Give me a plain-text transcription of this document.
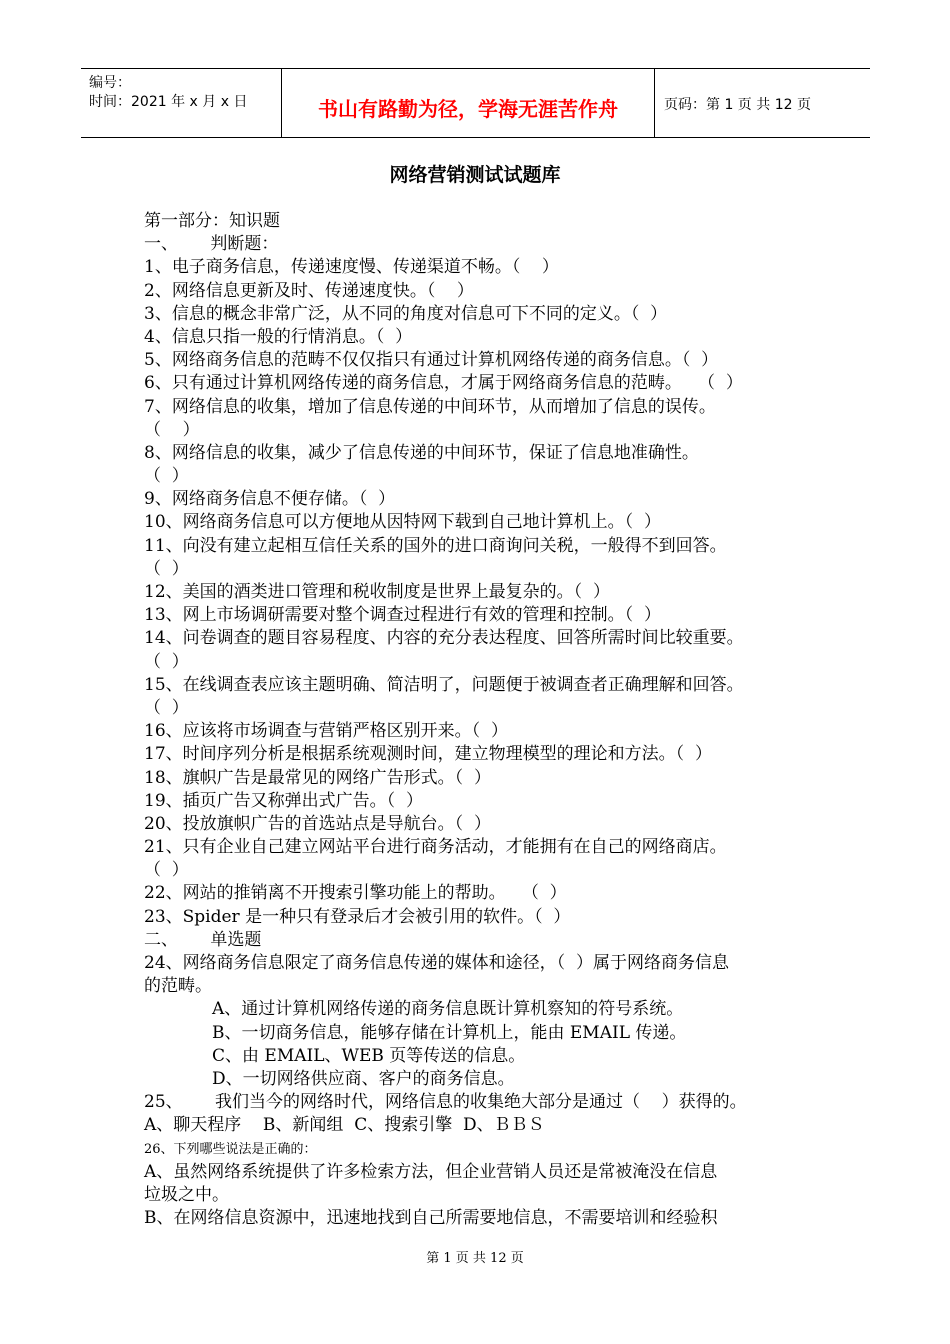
编号：
时间：2021 年 x 月 x 日	书山有路勤为径，学海无涯苦作舟	页码：第 1 页 共 12 页
网络营销测试试题库
第一部分：知识题
一、      判断题：
1、电子商务信息，传递速度慢、传递渠道不畅。（    ）
2、网络信息更新及时、传递速度快。（    ）
3、信息的概念非常广泛，从不同的角度对信息可下不同的定义。（  ）
4、信息只指一般的行情消息。（  ）
5、网络商务信息的范畴不仅仅指只有通过计算机网络传递的商务信息。（  ）
6、只有通过计算机网络传递的商务信息，才属于网络商务信息的范畴。   （  ）
7、网络信息的收集，增加了信息传递的中间环节，从而增加了信息的误传。
（    ）
8、网络信息的收集，减少了信息传递的中间环节，保证了信息地准确性。
（  ）
9、网络商务信息不便存储。（  ）
10、网络商务信息可以方便地从因特网下载到自己地计算机上。（  ）
11、向没有建立起相互信任关系的国外的进口商询问关税，一般得不到回答。
（  ）
12、美国的酒类进口管理和税收制度是世界上最复杂的。（  ）
13、网上市场调研需要对整个调查过程进行有效的管理和控制。（  ）
14、问卷调查的题目容易程度、内容的充分表达程度、回答所需时间比较重要。
（  ）
15、在线调查表应该主题明确、简洁明了，问题便于被调查者正确理解和回答。
（  ）
16、应该将市场调查与营销严格区别开来。（  ）
17、时间序列分析是根据系统观测时间，建立物理模型的理论和方法。（  ）
18、旗帜广告是最常见的网络广告形式。（  ）
19、插页广告又称弹出式广告。（  ）
20、投放旗帜广告的首选站点是导航台。（  ）
21、只有企业自己建立网站平台进行商务活动，才能拥有在自己的网络商店。
（  ）
22、网站的推销离不开搜索引擎功能上的帮助。   （  ）
23、Spider 是一种只有登录后才会被引用的软件。（  ）
二、      单选题
24、网络商务信息限定了商务信息传递的媒体和途径，（  ）属于网络商务信息
的范畴。
A、通过计算机网络传递的商务信息既计算机察知的符号系统。
B、一切商务信息，能够存储在计算机上，能由 EMAIL 传递。
C、由 EMAIL、WEB 页等传送的信息。
D、一切网络供应商、客户的商务信息。
25、      我们当今的网络时代，网络信息的收集绝大部分是通过（    ）获得的。
A、聊天程序    B、新闻组  C、搜索引擎  D、ＢＢＳ
26、下列哪些说法是正确的：
A、虽然网络系统提供了许多检索方法，但企业营销人员还是常被淹没在信息
垃圾之中。
B、在网络信息资源中，迅速地找到自己所需要地信息，不需要培训和经验积
第 1 页 共 12 页
